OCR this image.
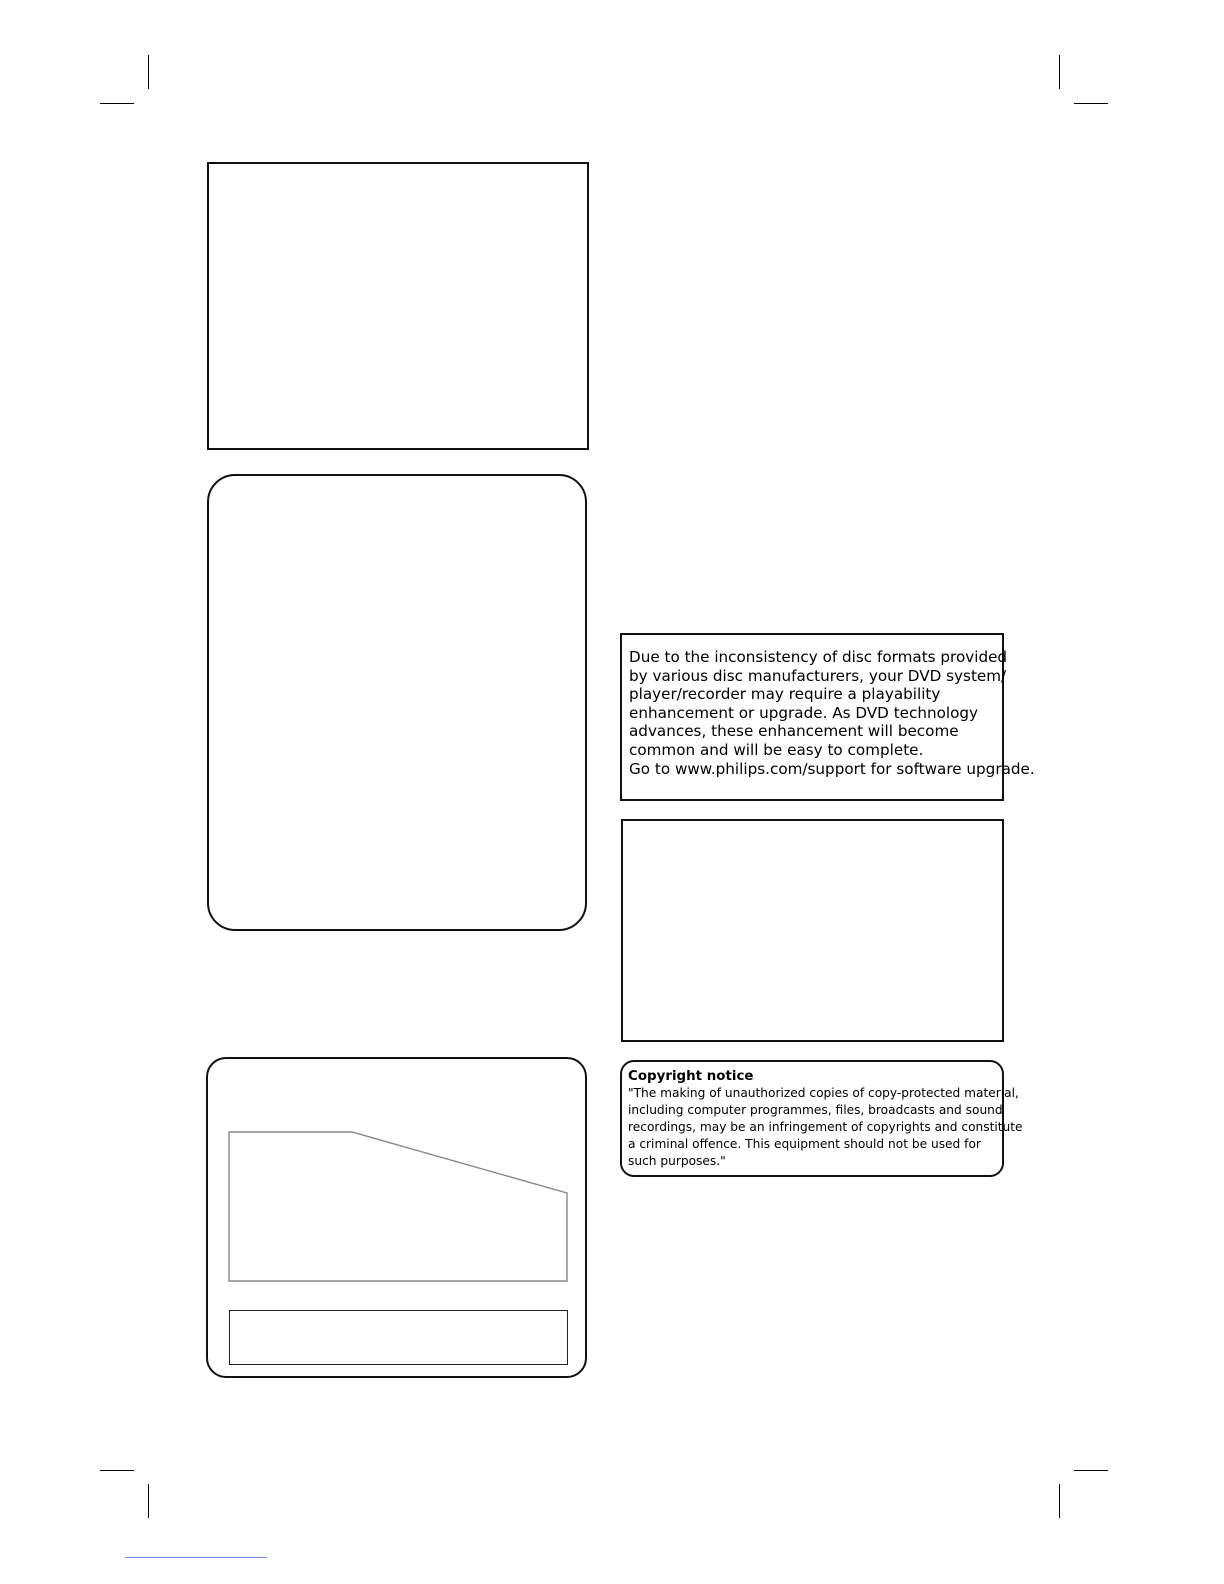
Due to the inconsistency of disc formats provided
by various disc manufacturers, your DVD system/
player/recorder may require a playability
enhancement or upgrade. As DVD technology
advances, these enhancement will become
common and will be easy to complete.
Go to www.philips.com/support for software upgrade.
Copyright notice
"The making of unauthorized copies of copy-protected material,
including computer programmes, files, broadcasts and sound
recordings, may be an infringement of copyrights and constitute
a criminal offence. This equipment should not be used for
such purposes."
